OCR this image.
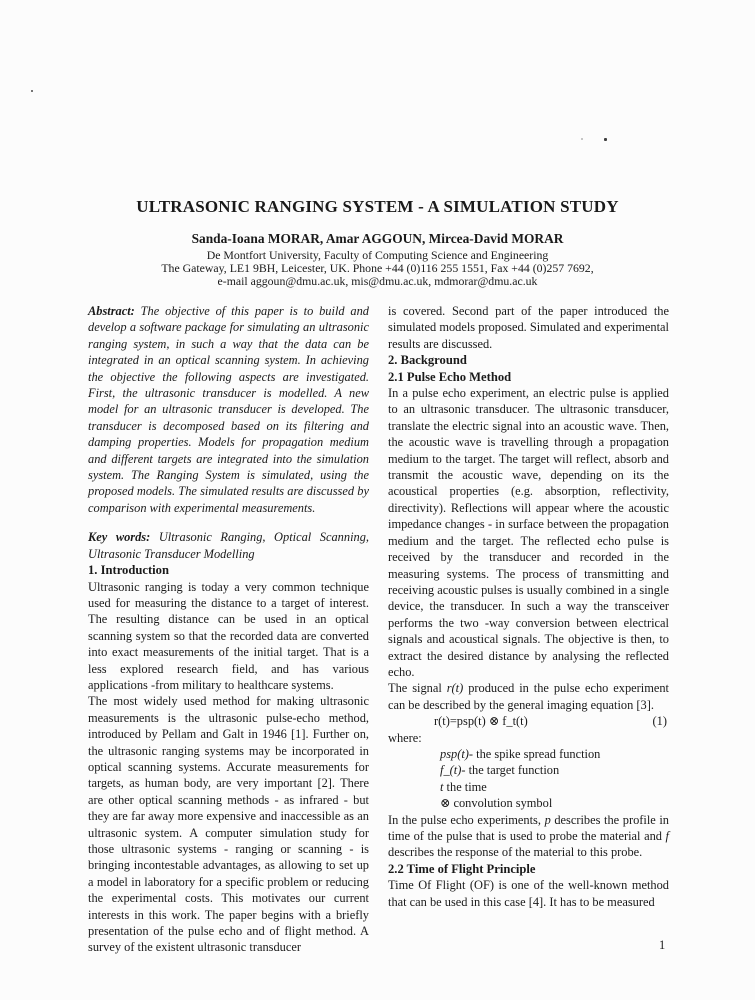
ULTRASONIC RANGING SYSTEM - A SIMULATION STUDY
Sanda-Ioana MORAR, Amar AGGOUN, Mircea-David MORAR
De Montfort University, Faculty of Computing Science and Engineering
The Gateway, LE1 9BH, Leicester, UK. Phone +44 (0)116 255 1551, Fax +44 (0)257 7692,
e-mail aggoun@dmu.ac.uk, mis@dmu.ac.uk, mdmorar@dmu.ac.uk

Abstract: The objective of this paper is to build and develop a software package for simulating an ultrasonic ranging system, in such a way that the data can be integrated in an optical scanning system. In achieving the objective the following aspects are investigated. First, the ultrasonic transducer is modelled. A new model for an ultrasonic transducer is developed. The transducer is decomposed based on its filtering and damping properties. Models for propagation medium and different targets are integrated into the simulation system. The Ranging System is simulated, using the proposed models. The simulated results are discussed by comparison with experimental measurements.

Key words: Ultrasonic Ranging, Optical Scanning, Ultrasonic Transducer Modelling

1. Introduction

Ultrasonic ranging is today a very common technique used for measuring the distance to a target of interest. The resulting distance can be used in an optical scanning system so that the recorded data are converted into exact measurements of the initial target. That is a less explored research field, and has various applications -from military to healthcare systems.

The most widely used method for making ultrasonic measurements is the ultrasonic pulse-echo method, introduced by Pellam and Galt in 1946 [1]. Further on, the ultrasonic ranging systems may be incorporated in optical scanning systems. Accurate measurements for targets, as human body, are very important [2]. There are other optical scanning methods - as infrared - but they are far away more expensive and inaccessible as an ultrasonic system. A computer simulation study for those ultrasonic systems - ranging or scanning - is bringing incontestable advantages, as allowing to set up a model in laboratory for a specific problem or reducing the experimental costs. This motivates our current interests in this work. The paper begins with a briefly presentation of the pulse echo and of flight method. A survey of the existent ultrasonic transducer

is covered. Second part of the paper introduced the simulated models proposed. Simulated and experimental results are discussed.

2. Background

2.1 Pulse Echo Method

In a pulse echo experiment, an electric pulse is applied to an ultrasonic transducer. The ultrasonic transducer, translate the electric signal into an acoustic wave. Then, the acoustic wave is travelling through a propagation medium to the target. The target will reflect, absorb and transmit the acoustic wave, depending on its the acoustical properties (e.g. absorption, reflectivity, directivity). Reflections will appear where the acoustic impedance changes - in surface between the propagation medium and the target. The reflected echo pulse is received by the transducer and recorded in the measuring systems. The process of transmitting and receiving acoustic pulses is usually combined in a single device, the transducer. In such a way the transceiver performs the two -way conversion between electrical signals and acoustical signals. The objective is then, to extract the desired distance by analysing the reflected echo.

The signal r(t) produced in the pulse echo experiment can be described by the general imaging equation [3].

r(t)=psp(t) ⊗ f_t(t)	(1)

where:

psp(t)- the spike spread function

f_(t)- the target function

t the time

⊗ convolution symbol

In the pulse echo experiments, p describes the profile in time of the pulse that is used to probe the material and f describes the response of the material to this probe.

2.2 Time of Flight Principle

Time Of Flight (OF) is one of the well-known method that can be used in this case [4]. It has to be measured

1
